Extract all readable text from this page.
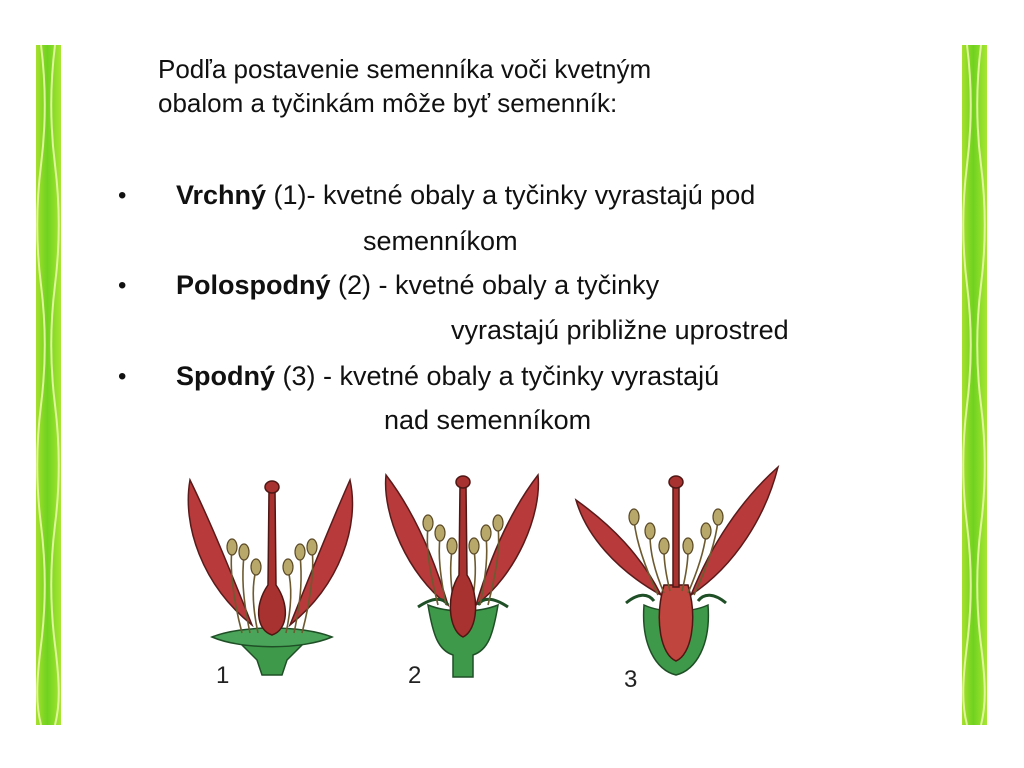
Podľa postavenie semenníka voči kvetným
obalom a tyčinkám môže byť semenník:
• Vrchný (1)- kvetné obaly a tyčinky vyrastajú pod
semenníkom
• Polospodný (2) - kvetné obaly a tyčinky
vyrastajú približne uprostred
• Spodný (3) - kvetné obaly a tyčinky vyrastajú
nad semenníkom
1	2	3
